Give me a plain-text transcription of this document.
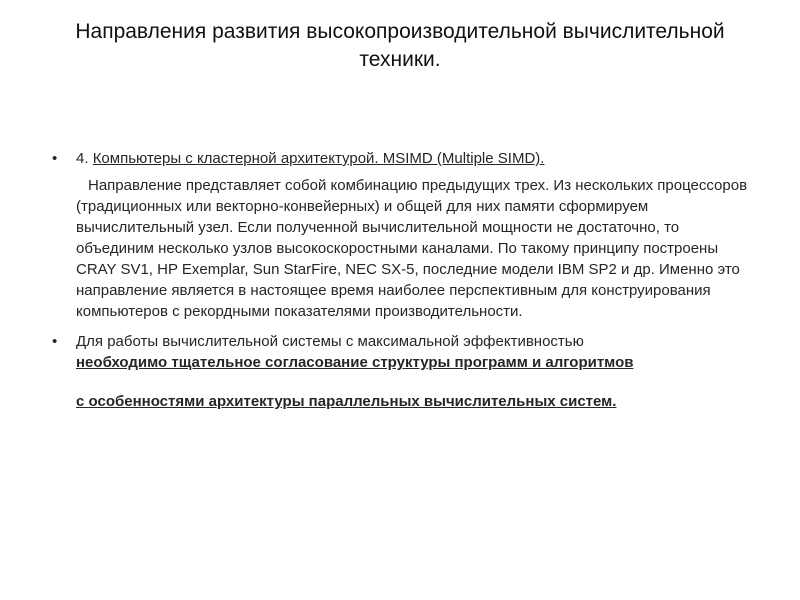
Направления развития высокопроизводительной вычислительной
техники.
• 4. Компьютеры с кластерной архитектурой. MSIMD (Multiple SIMD).

Направление представляет собой комбинацию предыдущих трех. Из нескольких процессоров (традиционных или векторно-конвейерных) и общей для них памяти сформируем вычислительный узел. Если полученной вычислительной мощности не достаточно, то объединим несколько узлов высокоскоростными каналами. По такому принципу построены CRAY SV1, HP Exemplar, Sun StarFire, NEC SX-5, последние модели IBM SP2 и др. Именно это направление является в настоящее время наиболее перспективным для конструирования компьютеров с рекордными показателями производительности.

• Для работы вычислительной системы с максимальной эффективностью
необходимо тщательное согласование структуры программ и алгоритмов
с особенностями архитектуры параллельных вычислительных систем.
